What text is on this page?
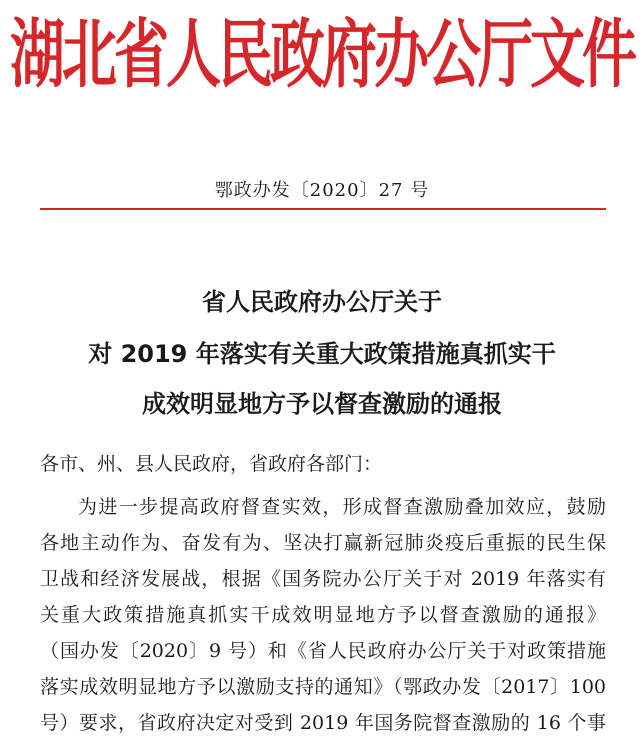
湖北省人民政府办公厅文件
鄂政办发〔2020〕27 号
省人民政府办公厅关于
对 2019 年落实有关重大政策措施真抓实干
成效明显地方予以督查激励的通报
各市、州、县人民政府，省政府各部门：
为进一步提高政府督查实效，形成督查激励叠加效应，鼓励
各地主动作为、奋发有为、坚决打赢新冠肺炎疫后重振的民生保
卫战和经济发展战，根据《国务院办公厅关于对 2019 年落实有
关重大政策措施真抓实干成效明显地方予以督查激励的通报》
（国办发〔2020〕9 号）和《省人民政府办公厅关于对政策措施
落实成效明显地方予以激励支持的通知》（鄂政办发〔2017〕100
号）要求，省政府决定对受到 2019 年国务院督查激励的 16 个事
